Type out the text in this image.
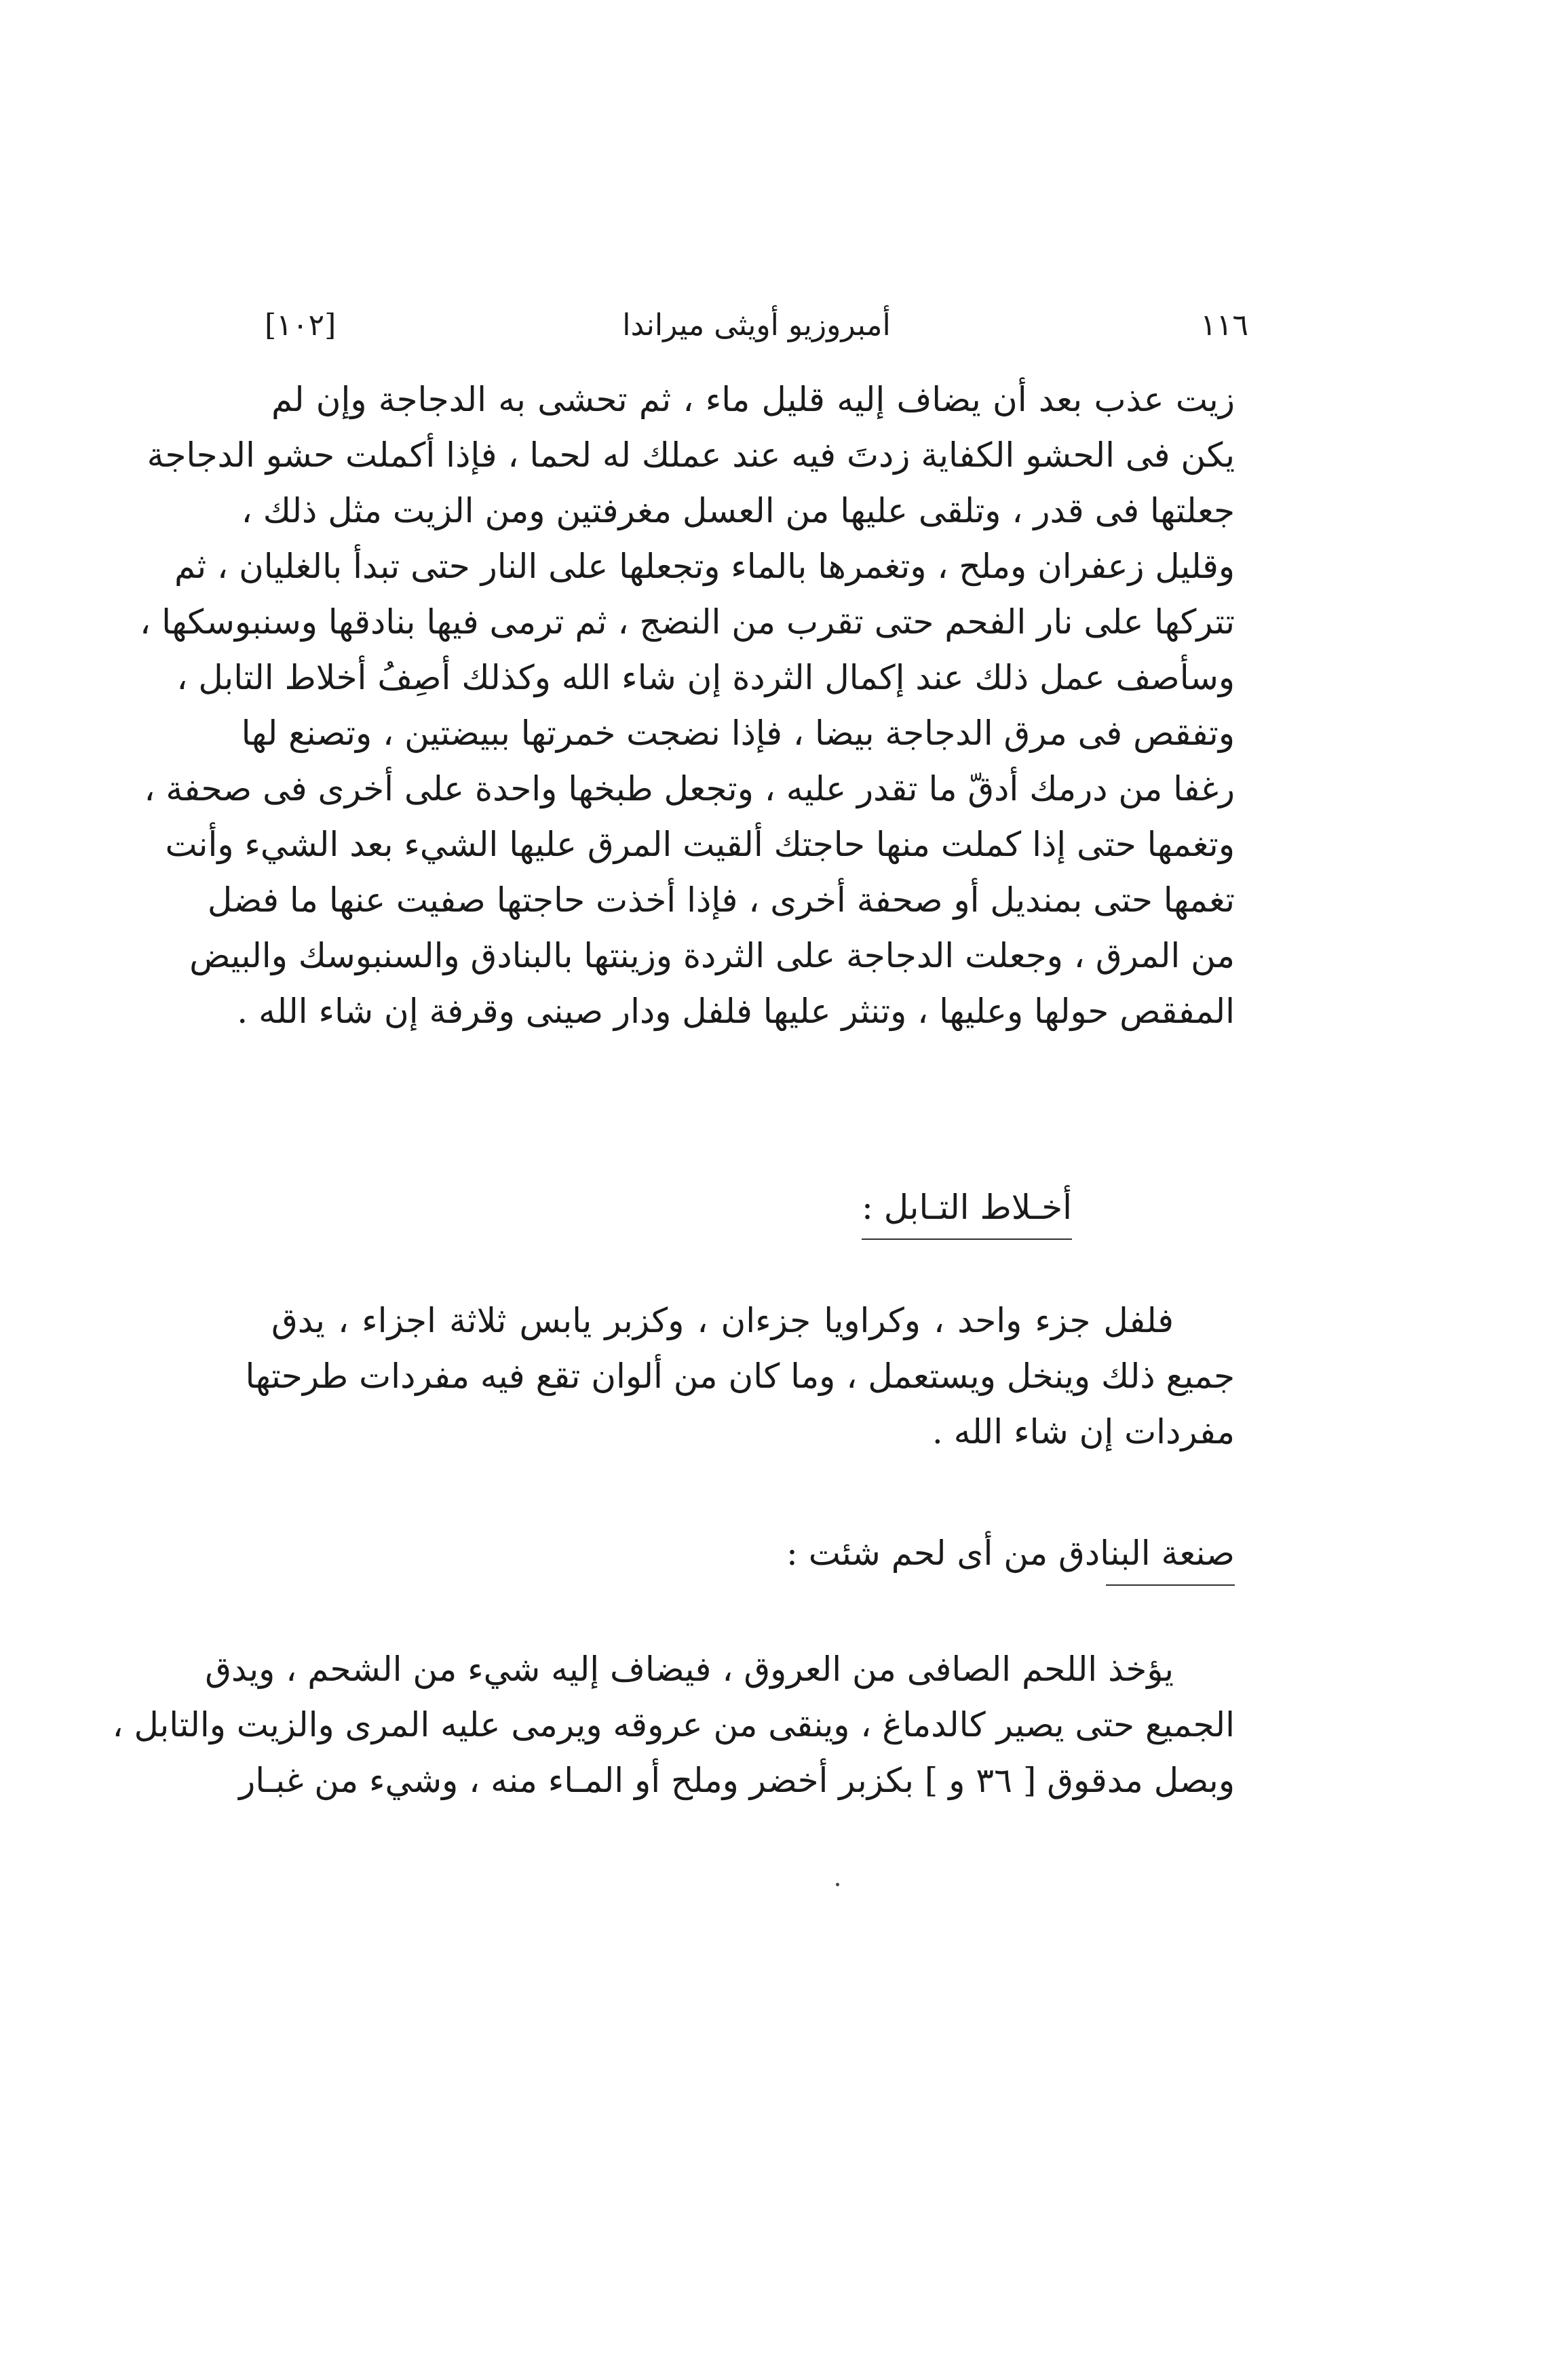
[١٠٢]	أمبروزيو أويثى ميراندا	١١٦
زيت عذب بعد أن يضاف إليه قليل ماء ، ثم تحشى به الدجاجة وإن لم
يكن فى الحشو الكفاية زدتَ فيه عند عملك له لحما ، فإذا أكملت حشو الدجاجة
جعلتها فى قدر ، وتلقى عليها من العسل مغرفتين ومن الزيت مثل ذلك ،
وقليل زعفران وملح ، وتغمرها بالماء وتجعلها على النار حتى تبدأ بالغليان ، ثم
تتركها على نار الفحم حتى تقرب من النضج ، ثم ترمى فيها بنادقها وسنبوسكها ،
وسأصف عمل ذلك عند إكمال الثردة إن شاء الله وكذلك أصِفُ أخلاط التابل ،
وتفقص فى مرق الدجاجة بيضا ، فإذا نضجت خمرتها ببيضتين ، وتصنع لها
رغفا من درمك أدقّ ما تقدر عليه ، وتجعل طبخها واحدة على أخرى فى صحفة ،
وتغمها حتى إذا كملت منها حاجتك ألقيت المرق عليها الشيء بعد الشيء وأنت
تغمها حتى بمنديل أو صحفة أخرى ، فإذا أخذت حاجتها صفيت عنها ما فضل
من المرق ، وجعلت الدجاجة على الثردة وزينتها بالبنادق والسنبوسك والبيض
المفقص حولها وعليها ، وتنثر عليها فلفل ودار صينى وقرفة إن شاء الله .
أخـلاط التـابل :
فلفل جزء واحد ، وكراويا جزءان ، وكزبر يابس ثلاثة اجزاء ، يدق
جميع ذلك وينخل ويستعمل ، وما كان من ألوان تقع فيه مفردات طرحتها
مفردات إن شاء الله .
صنعة البنادق من أى لحم شئت :
يؤخذ اللحم الصافى من العروق ، فيضاف إليه شيء من الشحم ، ويدق
الجميع حتى يصير كالدماغ ، وينقى من عروقه ويرمى عليه المرى والزيت والتابل ،
وبصل مدقوق [ ٣٦ و ] بكزبر أخضر وملح أو المـاء منه ، وشيء من غبـار
